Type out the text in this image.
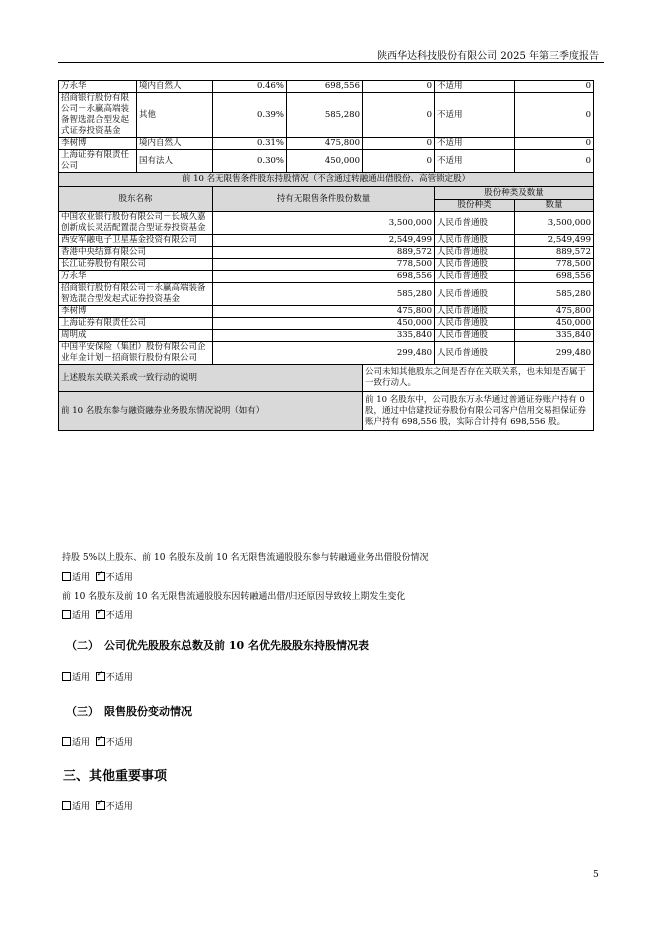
陕西华达科技股份有限公司 2025 年第三季度报告
万永华	境内自然人	0.46%	698,556	0	不适用	0
招商银行股份有限公司－永赢高端装备智选混合型发起式证券投资基金	其他	0.39%	585,280	0	不适用	0
李树博	境内自然人	0.31%	475,800	0	不适用	0
上海证券有限责任公司	国有法人	0.30%	450,000	0	不适用	0
前 10 名无限售条件股东持股情况（不含通过转融通出借股份、高管锁定股）						
股东名称		持有无限售条件股份数量			股份种类及数量	
					股份种类	数量
中国农业银行股份有限公司－长城久嘉创新成长灵活配置混合型证券投资基金		3,500,000			人民币普通股	3,500,000
西安军融电子卫星基金投资有限公司		2,549,499			人民币普通股	2,549,499
香港中央结算有限公司		889,572			人民币普通股	889,572
长江证券股份有限公司		778,500			人民币普通股	778,500
万永华		698,556			人民币普通股	698,556
招商银行股份有限公司－永赢高端装备智选混合型发起式证券投资基金		585,280			人民币普通股	585,280
李树博		475,800			人民币普通股	475,800
上海证券有限责任公司		450,000			人民币普通股	450,000
周明成		335,840			人民币普通股	335,840
中国平安保险（集团）股份有限公司企业年金计划－招商银行股份有限公司		299,480			人民币普通股	299,480
上述股东关联关系或一致行动的说明				公司未知其他股东之间是否存在关联关系，也未知是否属于一致行动人。		
前 10 名股东参与融资融券业务股东情况说明（如有）				前 10 名股东中，公司股东万永华通过普通证券账户持有 0 股，通过中信建投证券股份有限公司客户信用交易担保证券账户持有 698,556 股，实际合计持有 698,556 股。		
持股 5%以上股东、前 10 名股东及前 10 名无限售流通股股东参与转融通业务出借股份情况
适用 ✓ 不适用
前 10 名股东及前 10 名无限售流通股股东因转融通出借/归还原因导致较上期发生变化
适用 ✓ 不适用
（二） 公司优先股股东总数及前 10 名优先股股东持股情况表
适用 ✓ 不适用
（三） 限售股份变动情况
适用 ✓ 不适用
三、其他重要事项
适用 ✓ 不适用
5
